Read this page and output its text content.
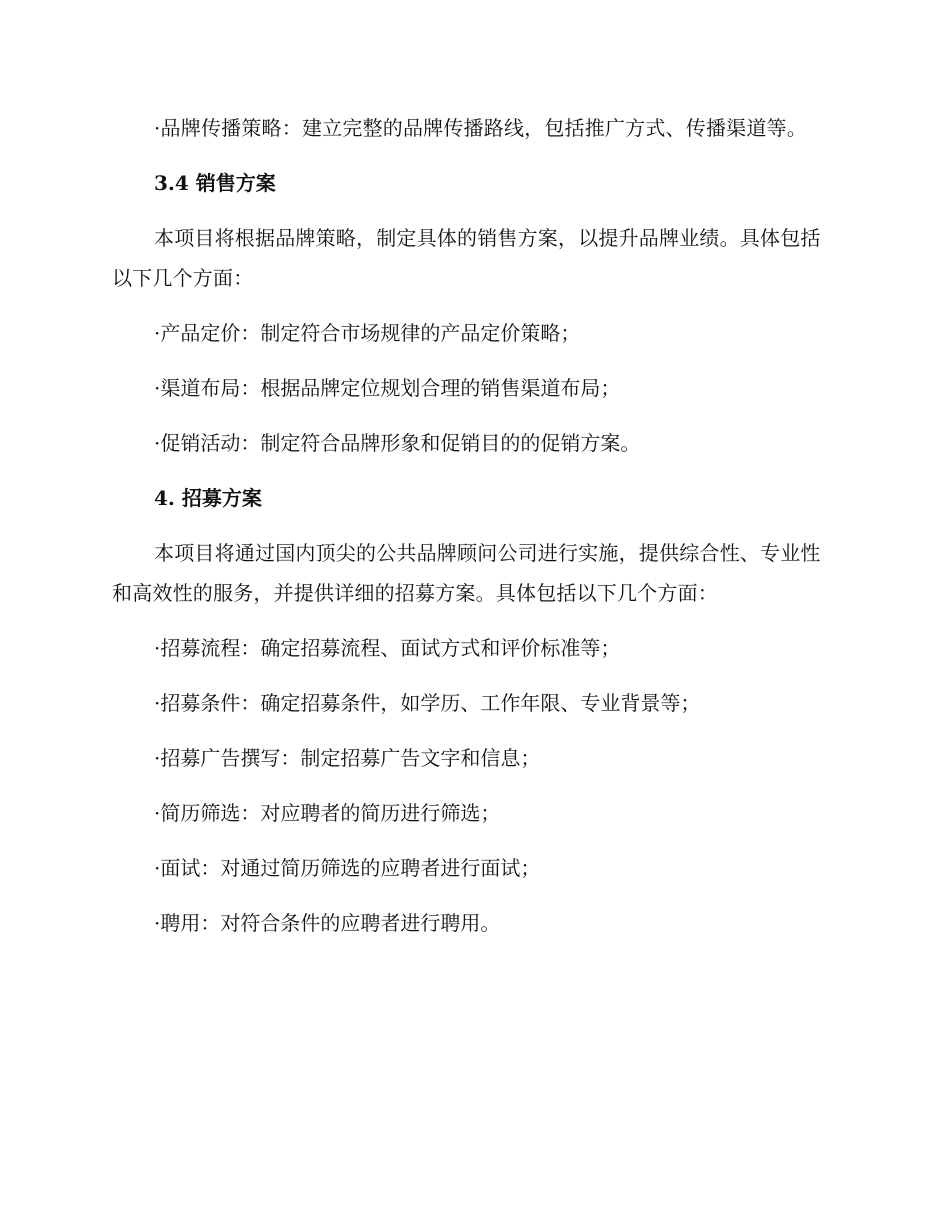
·品牌传播策略：建立完整的品牌传播路线，包括推广方式、传播渠道等。

3.4 销售方案

本项目将根据品牌策略，制定具体的销售方案，以提升品牌业绩。具体包括以下几个方面：

·产品定价：制定符合市场规律的产品定价策略；

·渠道布局：根据品牌定位规划合理的销售渠道布局；

·促销活动：制定符合品牌形象和促销目的的促销方案。

4. 招募方案

本项目将通过国内顶尖的公共品牌顾问公司进行实施，提供综合性、专业性和高效性的服务，并提供详细的招募方案。具体包括以下几个方面：

·招募流程：确定招募流程、面试方式和评价标准等；

·招募条件：确定招募条件，如学历、工作年限、专业背景等；

·招募广告撰写：制定招募广告文字和信息；

·简历筛选：对应聘者的简历进行筛选；

·面试：对通过简历筛选的应聘者进行面试；

·聘用：对符合条件的应聘者进行聘用。
